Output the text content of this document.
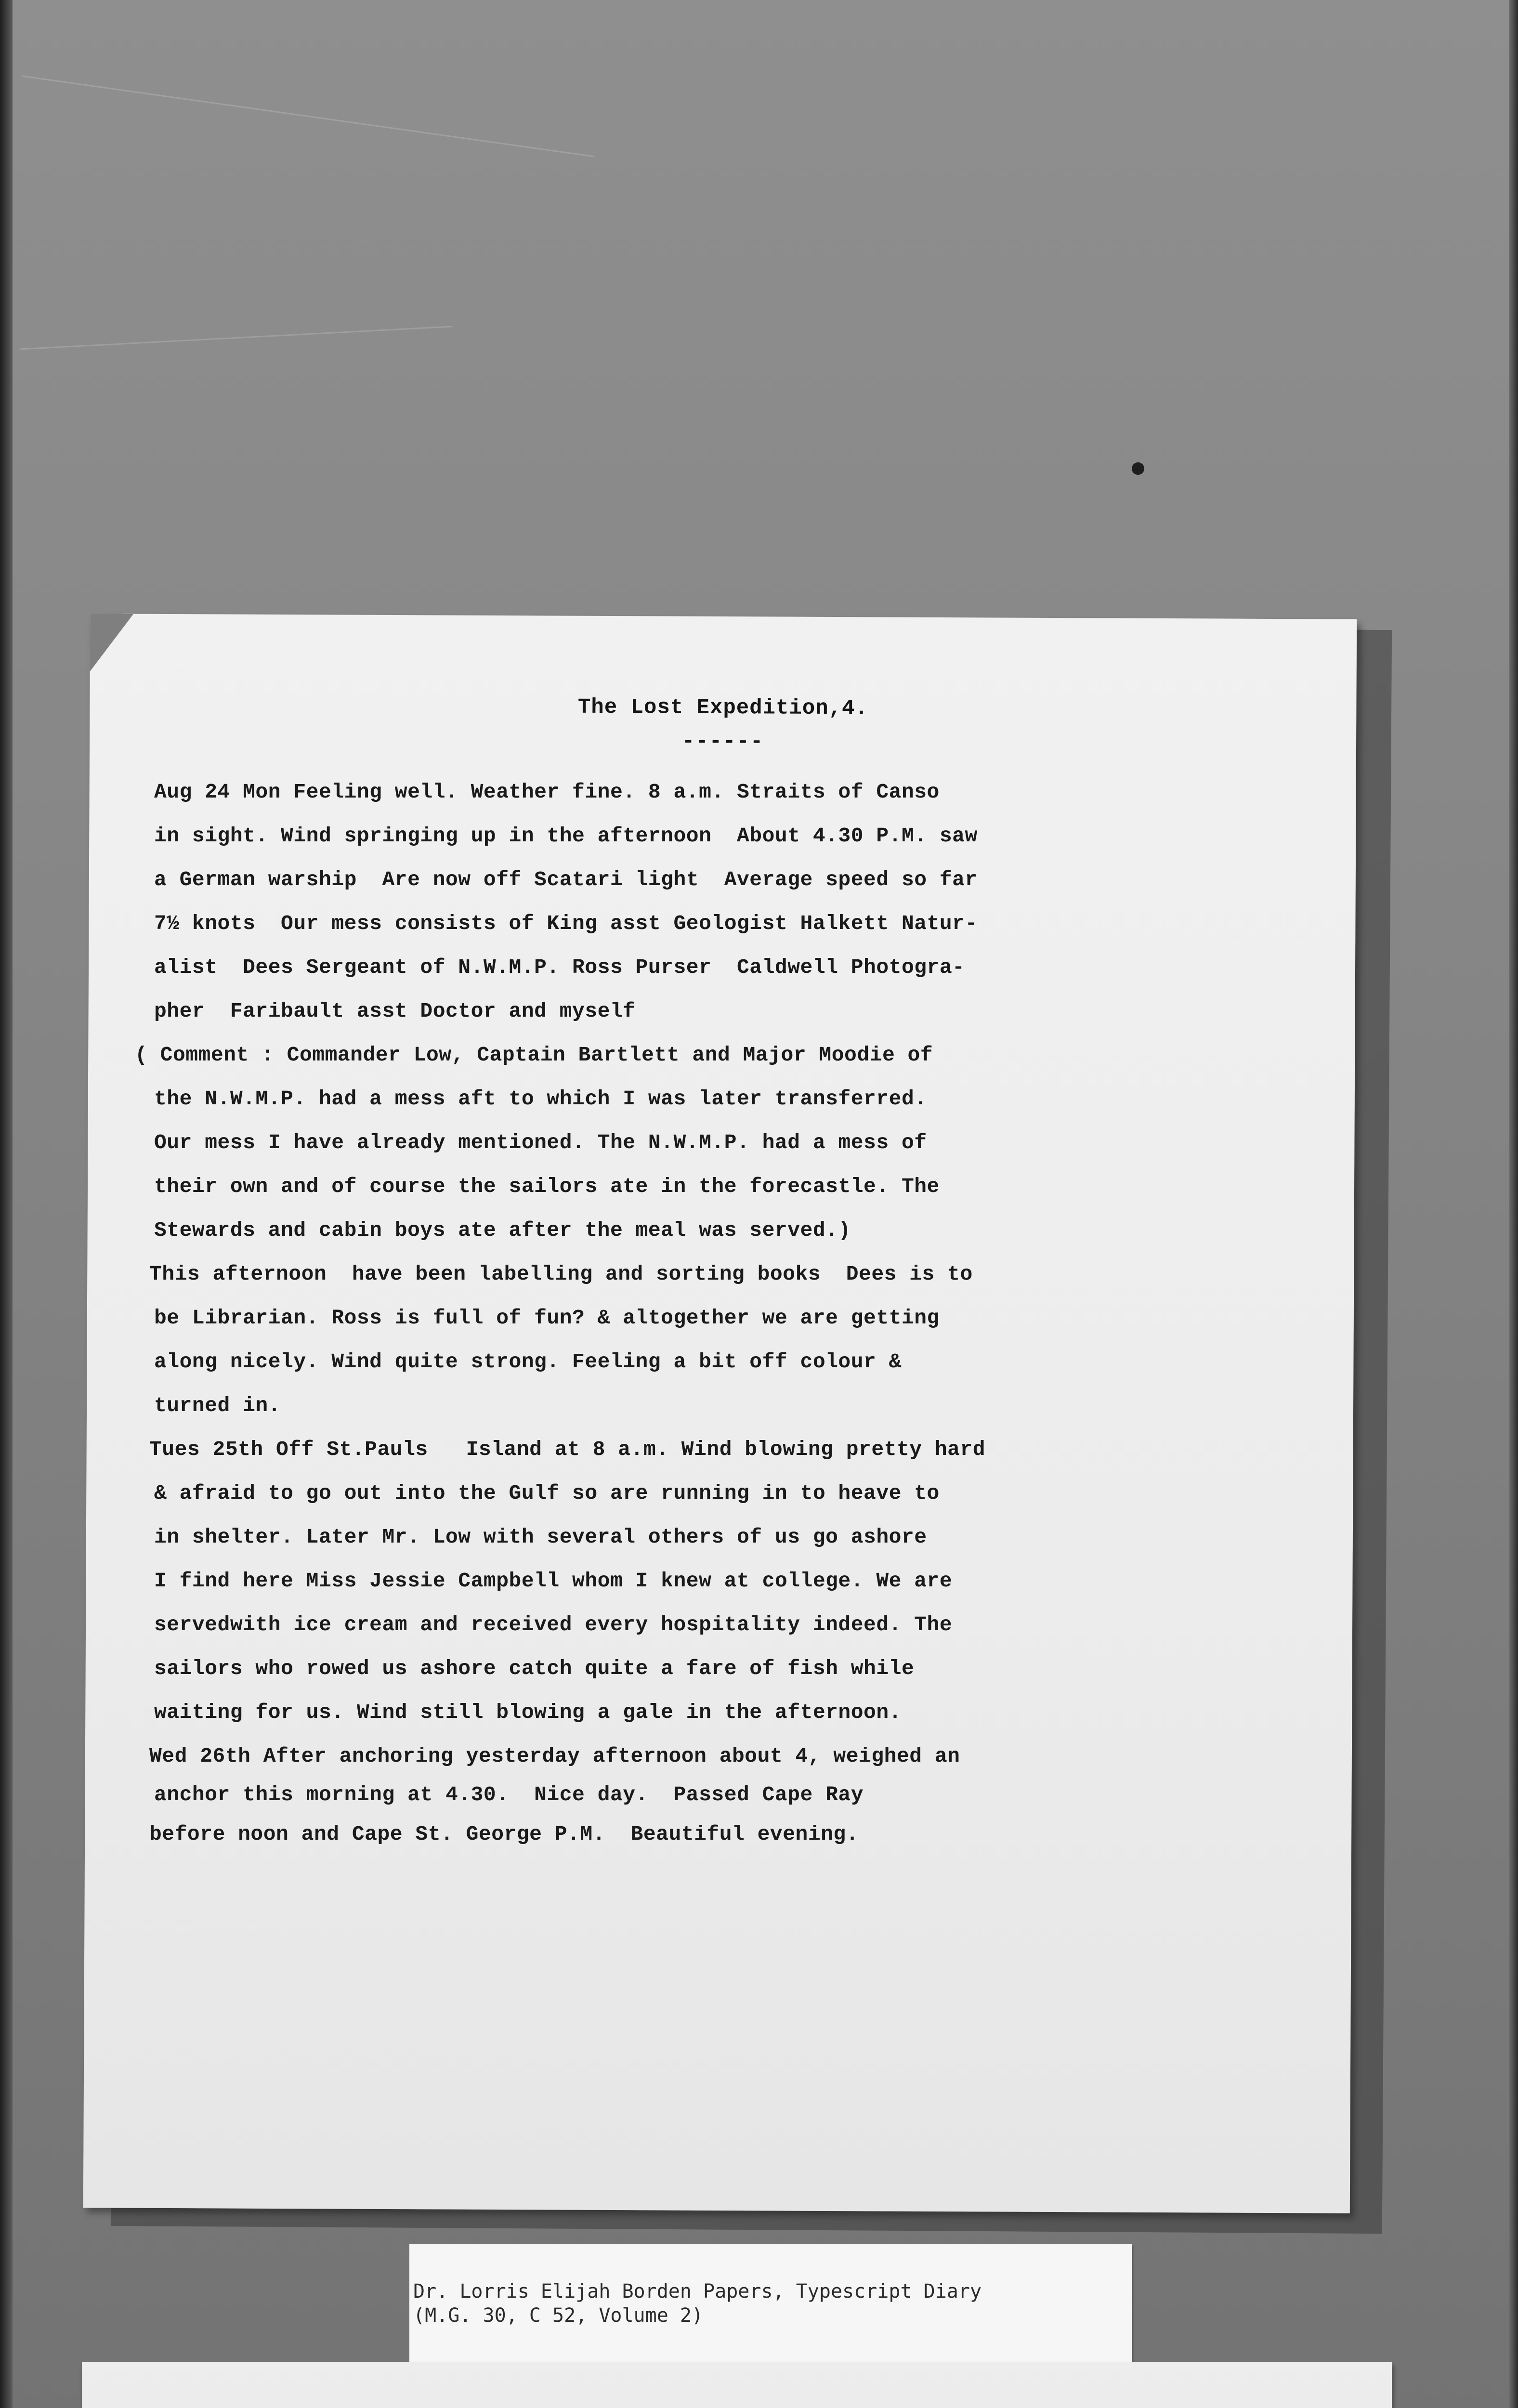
The Lost Expedition,4.
------
Aug 24 Mon Feeling well. Weather fine. 8 a.m. Straits of Canso
in sight. Wind springing up in the afternoon  About 4.30 P.M. saw
a German warship  Are now off Scatari light  Average speed so far
7½ knots  Our mess consists of King asst Geologist Halkett Natur-
alist  Dees Sergeant of N.W.M.P. Ross Purser  Caldwell Photogra-
pher  Faribault asst Doctor and myself
( Comment : Commander Low, Captain Bartlett and Major Moodie of
the N.W.M.P. had a mess aft to which I was later transferred.
Our mess I have already mentioned. The N.W.M.P. had a mess of
their own and of course the sailors ate in the forecastle. The
Stewards and cabin boys ate after the meal was served.)
This afternoon  have been labelling and sorting books  Dees is to
be Librarian. Ross is full of fun? & altogether we are getting
along nicely. Wind quite strong. Feeling a bit off colour &
turned in.
Tues 25th Off St.Pauls   Island at 8 a.m. Wind blowing pretty hard
& afraid to go out into the Gulf so are running in to heave to
in shelter. Later Mr. Low with several others of us go ashore
I find here Miss Jessie Campbell whom I knew at college. We are
servedwith ice cream and received every hospitality indeed. The
sailors who rowed us ashore catch quite a fare of fish while
waiting for us. Wind still blowing a gale in the afternoon.
Wed 26th After anchoring yesterday afternoon about 4, weighed an
anchor this morning at 4.30.  Nice day.  Passed Cape Ray
before noon and Cape St. George P.M.  Beautiful evening.
Dr. Lorris Elijah Borden Papers, Typescript Diary
(M.G. 30, C 52, Volume 2)
